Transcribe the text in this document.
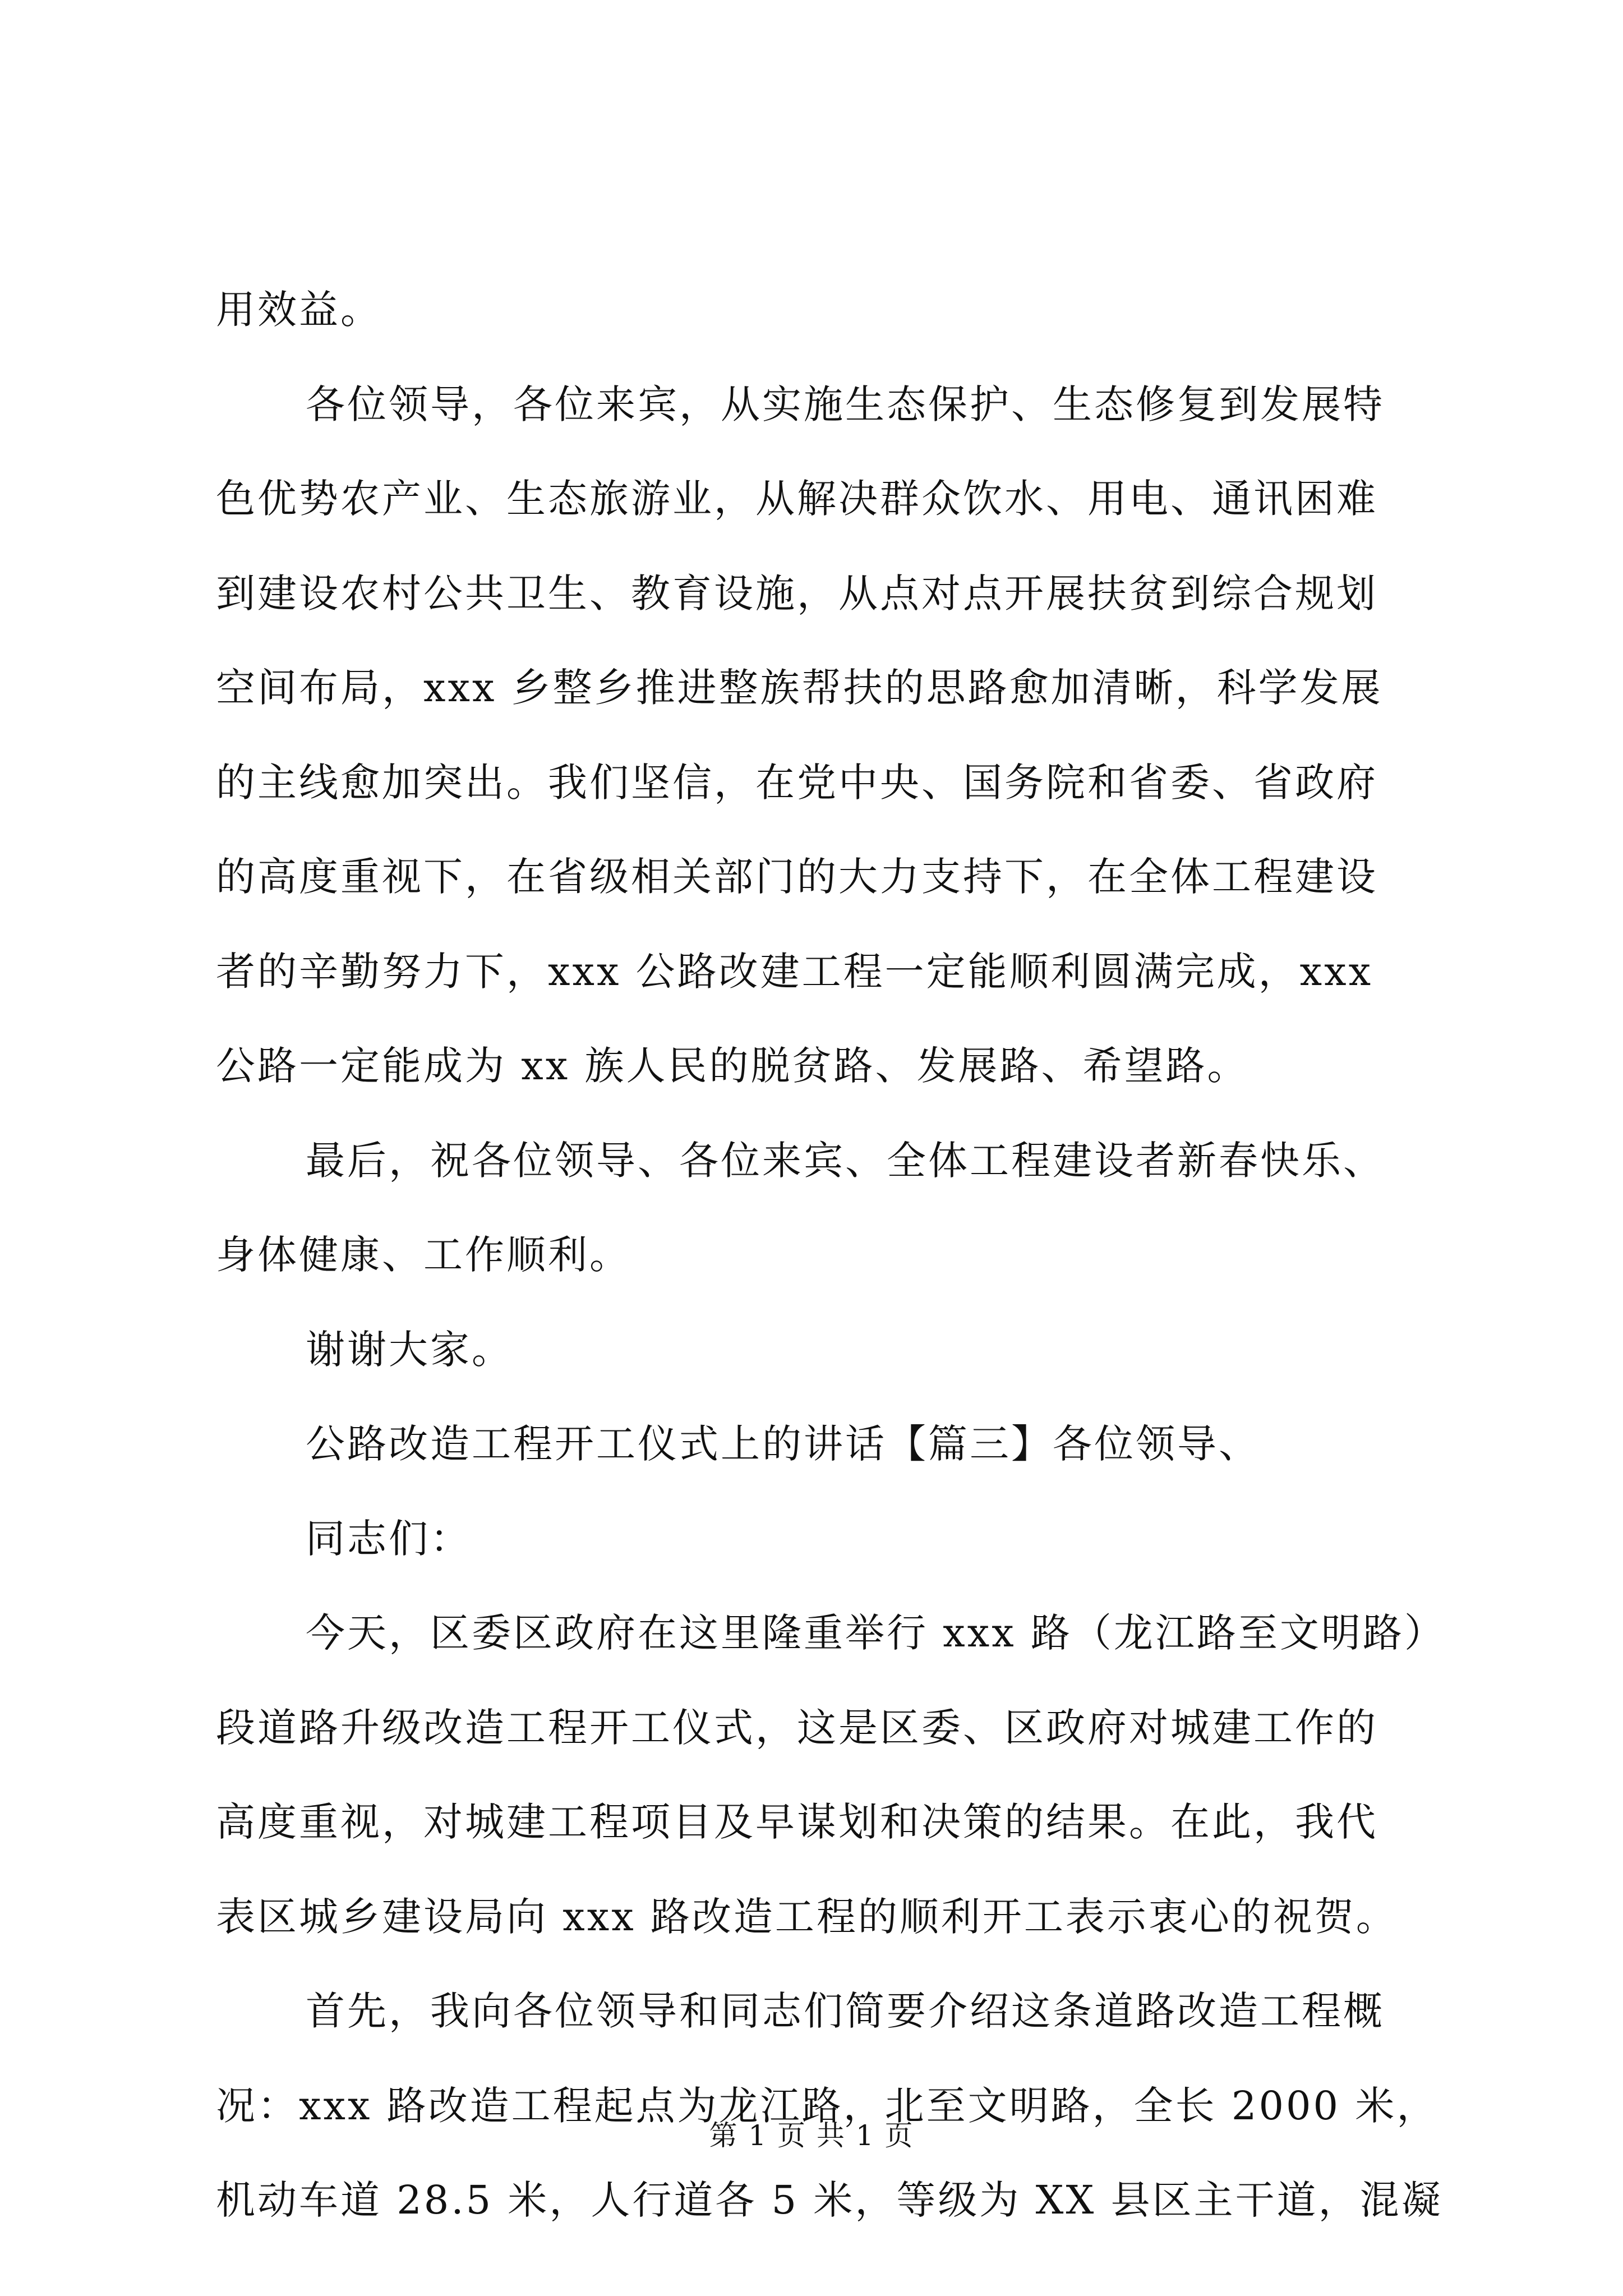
用效益。
各位领导，各位来宾，从实施生态保护、生态修复到发展特
色优势农产业、生态旅游业，从解决群众饮水、用电、通讯困难
到建设农村公共卫生、教育设施，从点对点开展扶贫到综合规划
空间布局，xxx 乡整乡推进整族帮扶的思路愈加清晰，科学发展
的主线愈加突出。我们坚信，在党中央、国务院和省委、省政府
的高度重视下，在省级相关部门的大力支持下，在全体工程建设
者的辛勤努力下，xxx 公路改建工程一定能顺利圆满完成，xxx
公路一定能成为 xx 族人民的脱贫路、发展路、希望路。
最后，祝各位领导、各位来宾、全体工程建设者新春快乐、
身体健康、工作顺利。
谢谢大家。
公路改造工程开工仪式上的讲话【篇三】各位领导、
同志们：
今天，区委区政府在这里隆重举行 xxx 路（龙江路至文明路）
段道路升级改造工程开工仪式，这是区委、区政府对城建工作的
高度重视，对城建工程项目及早谋划和决策的结果。在此，我代
表区城乡建设局向 xxx 路改造工程的顺利开工表示衷心的祝贺。
首先，我向各位领导和同志们简要介绍这条道路改造工程概
况：xxx 路改造工程起点为龙江路，北至文明路，全长 2000 米，
机动车道 28.5 米，人行道各 5 米，等级为 XX 县区主干道，混凝
第 1 页 共 1 页
